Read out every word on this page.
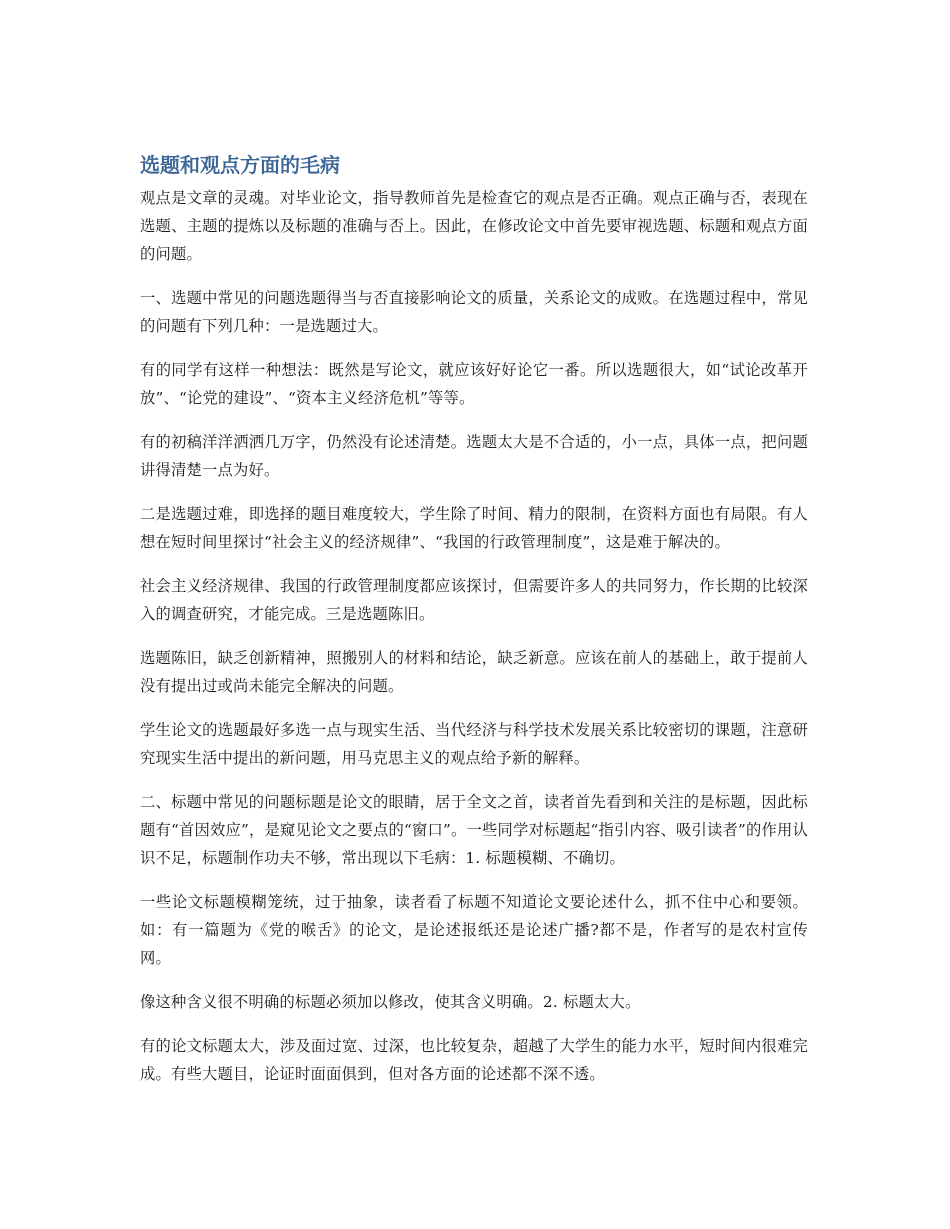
选题和观点方面的毛病

观点是文章的灵魂。对毕业论文，指导教师首先是检查它的观点是否正确。观点正确与否，表现在选题、主题的提炼以及标题的准确与否上。因此，在修改论文中首先要审视选题、标题和观点方面的问题。

一、选题中常见的问题选题得当与否直接影响论文的质量，关系论文的成败。在选题过程中，常见的问题有下列几种：一是选题过大。

有的同学有这样一种想法：既然是写论文，就应该好好论它一番。所以选题很大，如“试论改革开放”、“论党的建设”、“资本主义经济危机”等等。

有的初稿洋洋洒洒几万字，仍然没有论述清楚。选题太大是不合适的，小一点，具体一点，把问题讲得清楚一点为好。

二是选题过难，即选择的题目难度较大，学生除了时间、精力的限制，在资料方面也有局限。有人想在短时间里探讨“社会主义的经济规律”、“我国的行政管理制度”，这是难于解决的。

社会主义经济规律、我国的行政管理制度都应该探讨，但需要许多人的共同努力，作长期的比较深入的调查研究，才能完成。三是选题陈旧。

选题陈旧，缺乏创新精神，照搬别人的材料和结论，缺乏新意。应该在前人的基础上，敢于提前人没有提出过或尚未能完全解决的问题。

学生论文的选题最好多选一点与现实生活、当代经济与科学技术发展关系比较密切的课题，注意研究现实生活中提出的新问题，用马克思主义的观点给予新的解释。

二、标题中常见的问题标题是论文的眼睛，居于全文之首，读者首先看到和关注的是标题，因此标题有“首因效应”，是窥见论文之要点的“窗口”。一些同学对标题起“指引内容、吸引读者”的作用认识不足，标题制作功夫不够，常出现以下毛病：1. 标题模糊、不确切。

一些论文标题模糊笼统，过于抽象，读者看了标题不知道论文要论述什么，抓不住中心和要领。如：有一篇题为《党的喉舌》的论文，是论述报纸还是论述广播?都不是，作者写的是农村宣传网。

像这种含义很不明确的标题必须加以修改，使其含义明确。2. 标题太大。

有的论文标题太大，涉及面过宽、过深，也比较复杂，超越了大学生的能力水平，短时间内很难完成。有些大题目，论证时面面俱到，但对各方面的论述都不深不透。
